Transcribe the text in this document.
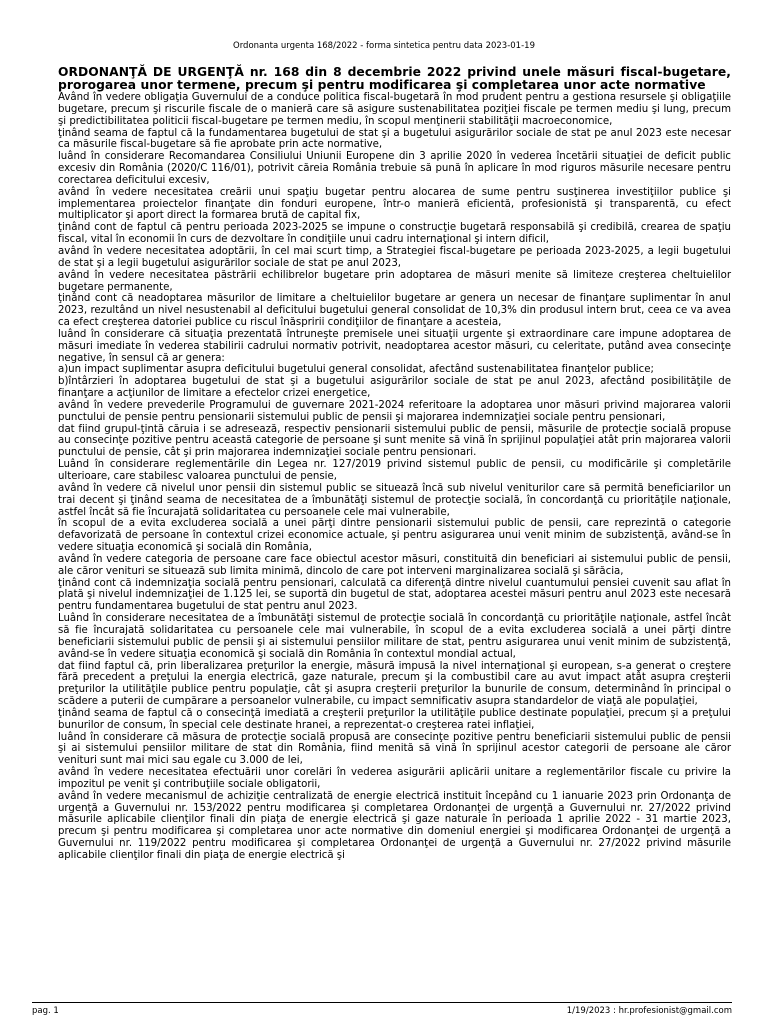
Ordonanta urgenta 168/2022 - forma sintetica pentru data 2023-01-19
ORDONANŢĂ DE URGENŢĂ nr. 168 din 8 decembrie 2022 privind unele măsuri fiscal-bugetare, prorogarea unor termene, precum şi pentru modificarea şi completarea unor acte normative

Având în vedere obligaţia Guvernului de a conduce politica fiscal-bugetară în mod prudent pentru a gestiona resursele şi obligaţiile bugetare, precum şi riscurile fiscale de o manieră care să asigure sustenabilitatea poziţiei fiscale pe termen mediu şi lung, precum şi predictibilitatea politicii fiscal-bugetare pe termen mediu, în scopul menţinerii stabilităţii macroeconomice,

ţinând seama de faptul că la fundamentarea bugetului de stat şi a bugetului asigurărilor sociale de stat pe anul 2023 este necesar ca măsurile fiscal-bugetare să fie aprobate prin acte normative,

luând în considerare Recomandarea Consiliului Uniunii Europene din 3 aprilie 2020 în vederea încetării situaţiei de deficit public excesiv din România (2020/C 116/01), potrivit căreia România trebuie să pună în aplicare în mod riguros măsurile necesare pentru corectarea deficitului excesiv,

având în vedere necesitatea creării unui spaţiu bugetar pentru alocarea de sume pentru susţinerea investiţiilor publice şi implementarea proiectelor finanţate din fonduri europene, într-o manieră eficientă, profesionistă şi transparentă, cu efect multiplicator şi aport direct la formarea brută de capital fix,

ţinând cont de faptul că pentru perioada 2023-2025 se impune o construcţie bugetară responsabilă şi credibilă, crearea de spaţiu fiscal, vital în economii în curs de dezvoltare în condiţiile unui cadru internaţional şi intern dificil,

având în vedere necesitatea adoptării, în cel mai scurt timp, a Strategiei fiscal-bugetare pe perioada 2023-2025, a legii bugetului de stat şi a legii bugetului asigurărilor sociale de stat pe anul 2023,

având în vedere necesitatea păstrării echilibrelor bugetare prin adoptarea de măsuri menite să limiteze creşterea cheltuielilor bugetare permanente,

ţinând cont că neadoptarea măsurilor de limitare a cheltuielilor bugetare ar genera un necesar de finanţare suplimentar în anul 2023, rezultând un nivel nesustenabil al deficitului bugetului general consolidat de 10,3% din produsul intern brut, ceea ce va avea ca efect creşterea datoriei publice cu riscul înăspririi condiţiilor de finanţare a acesteia,

luând în considerare că situaţia prezentată întruneşte premisele unei situaţii urgente şi extraordinare care impune adoptarea de măsuri imediate în vederea stabilirii cadrului normativ potrivit, neadoptarea acestor măsuri, cu celeritate, putând avea consecinţe negative, în sensul că ar genera:

a)un impact suplimentar asupra deficitului bugetului general consolidat, afectând sustenabilitatea finanţelor publice;

b)întârzieri în adoptarea bugetului de stat şi a bugetului asigurărilor sociale de stat pe anul 2023, afectând posibilităţile de finanţare a acţiunilor de limitare a efectelor crizei energetice,

având în vedere prevederile Programului de guvernare 2021-2024 referitoare la adoptarea unor măsuri privind majorarea valorii punctului de pensie pentru pensionarii sistemului public de pensii şi majorarea indemnizaţiei sociale pentru pensionari,

dat fiind grupul-ţintă căruia i se adresează, respectiv pensionarii sistemului public de pensii, măsurile de protecţie socială propuse au consecinţe pozitive pentru această categorie de persoane şi sunt menite să vină în sprijinul populaţiei atât prin majorarea valorii punctului de pensie, cât şi prin majorarea indemnizaţiei sociale pentru pensionari.

Luând în considerare reglementările din Legea nr. 127/2019 privind sistemul public de pensii, cu modificările şi completările ulterioare, care stabilesc valoarea punctului de pensie,

având în vedere că nivelul unor pensii din sistemul public se situează încă sub nivelul veniturilor care să permită beneficiarilor un trai decent şi ţinând seama de necesitatea de a îmbunătăţi sistemul de protecţie socială, în concordanţă cu priorităţile naţionale, astfel încât să fie încurajată solidaritatea cu persoanele cele mai vulnerabile,

în scopul de a evita excluderea socială a unei părţi dintre pensionarii sistemului public de pensii, care reprezintă o categorie defavorizată de persoane în contextul crizei economice actuale, şi pentru asigurarea unui venit minim de subzistenţă, având-se în vedere situaţia economică şi socială din România,

având în vedere categoria de persoane care face obiectul acestor măsuri, constituită din beneficiari ai sistemului public de pensii, ale căror venituri se situează sub limita minimă, dincolo de care pot interveni marginalizarea socială şi sărăcia,

ţinând cont că indemnizaţia socială pentru pensionari, calculată ca diferenţă dintre nivelul cuantumului pensiei cuvenit sau aflat în plată şi nivelul indemnizaţiei de 1.125 lei, se suportă din bugetul de stat, adoptarea acestei măsuri pentru anul 2023 este necesară pentru fundamentarea bugetului de stat pentru anul 2023.

Luând în considerare necesitatea de a îmbunătăţi sistemul de protecţie socială în concordanţă cu priorităţile naţionale, astfel încât să fie încurajată solidaritatea cu persoanele cele mai vulnerabile, în scopul de a evita excluderea socială a unei părţi dintre beneficiarii sistemului public de pensii şi ai sistemului pensiilor militare de stat, pentru asigurarea unui venit minim de subzistenţă, având-se în vedere situaţia economică şi socială din România în contextul mondial actual,

dat fiind faptul că, prin liberalizarea preţurilor la energie, măsură impusă la nivel internaţional şi european, s-a generat o creştere fără precedent a preţului la energia electrică, gaze naturale, precum şi la combustibil care au avut impact atât asupra creşterii preţurilor la utilităţile publice pentru populaţie, cât şi asupra creşterii preţurilor la bunurile de consum, determinând în principal o scădere a puterii de cumpărare a persoanelor vulnerabile, cu impact semnificativ asupra standardelor de viaţă ale populaţiei,

ţinând seama de faptul că o consecinţă imediată a creşterii preţurilor la utilităţile publice destinate populaţiei, precum şi a preţului bunurilor de consum, în special cele destinate hranei, a reprezentat-o creşterea ratei inflaţiei,

luând în considerare că măsura de protecţie socială propusă are consecinţe pozitive pentru beneficiarii sistemului public de pensii şi ai sistemului pensiilor militare de stat din România, fiind menită să vină în sprijinul acestor categorii de persoane ale căror venituri sunt mai mici sau egale cu 3.000 de lei,

având în vedere necesitatea efectuării unor corelări în vederea asigurării aplicării unitare a reglementărilor fiscale cu privire la impozitul pe venit şi contribuţiile sociale obligatorii,

având în vedere mecanismul de achiziţie centralizată de energie electrică instituit începând cu 1 ianuarie 2023 prin Ordonanţa de urgenţă a Guvernului nr. 153/2022 pentru modificarea şi completarea Ordonanţei de urgenţă a Guvernului nr. 27/2022 privind măsurile aplicabile clienţilor finali din piaţa de energie electrică şi gaze naturale în perioada 1 aprilie 2022 - 31 martie 2023, precum şi pentru modificarea şi completarea unor acte normative din domeniul energiei şi modificarea Ordonanţei de urgenţă a Guvernului nr. 119/2022 pentru modificarea şi completarea Ordonanţei de urgenţă a Guvernului nr. 27/2022 privind măsurile aplicabile clienţilor finali din piaţa de energie electrică şi

pag. 1	1/19/2023 : hr.profesionist@gmail.com
